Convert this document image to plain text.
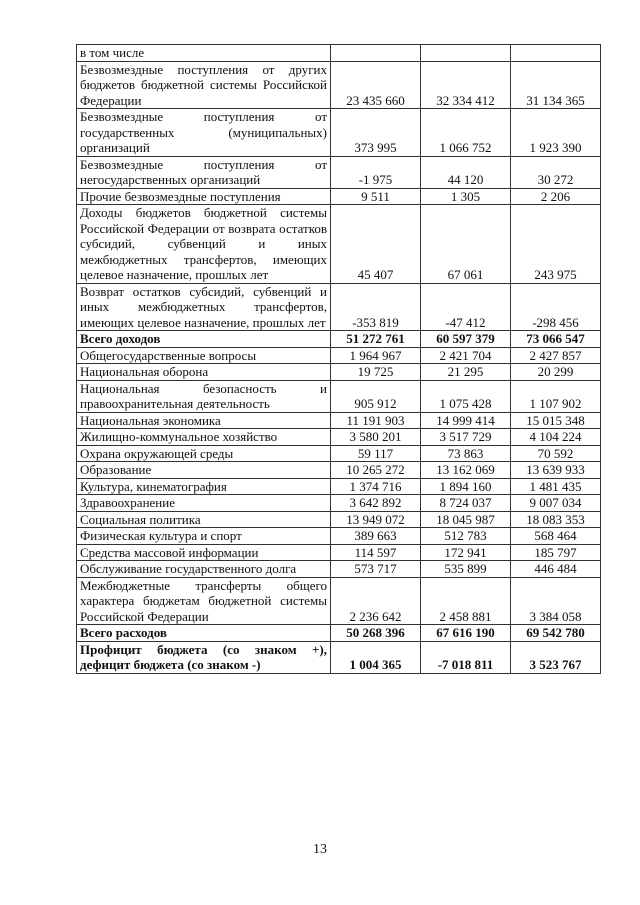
в том числе			
Безвозмездные поступления от других бюджетов бюджетной системы Российской Федерации	23 435 660	32 334 412	31 134 365
Безвозмездные поступления от государственных (муниципальных) организаций	373 995	1 066 752	1 923 390
Безвозмездные поступления от негосударственных организаций	-1 975	44 120	30 272
Прочие безвозмездные поступления	9 511	1 305	2 206
Доходы бюджетов бюджетной системы Российской Федерации от возврата остатков субсидий, субвенций и иных межбюджетных трансфертов, имеющих целевое назначение, прошлых лет	45 407	67 061	243 975
Возврат остатков субсидий, субвенций и иных межбюджетных трансфертов, имеющих целевое назначение, прошлых лет	-353 819	-47 412	-298 456
Всего доходов	51 272 761	60 597 379	73 066 547
Общегосударственные вопросы	1 964 967	2 421 704	2 427 857
Национальная оборона	19 725	21 295	20 299
Национальная безопасность и правоохранительная деятельность	905 912	1 075 428	1 107 902
Национальная экономика	11 191 903	14 999 414	15 015 348
Жилищно-коммунальное хозяйство	3 580 201	3 517 729	4 104 224
Охрана окружающей среды	59 117	73 863	70 592
Образование	10 265 272	13 162 069	13 639 933
Культура, кинематография	1 374 716	1 894 160	1 481 435
Здравоохранение	3 642 892	8 724 037	9 007 034
Социальная политика	13 949 072	18 045 987	18 083 353
Физическая культура и спорт	389 663	512 783	568 464
Средства массовой информации	114 597	172 941	185 797
Обслуживание государственного долга	573 717	535 899	446 484
Межбюджетные трансферты общего характера бюджетам бюджетной системы Российской Федерации	2 236 642	2 458 881	3 384 058
Всего расходов	50 268 396	67 616 190	69 542 780
Профицит бюджета (со знаком +), дефицит бюджета (со знаком -)	1 004 365	-7 018 811	3 523 767
13
